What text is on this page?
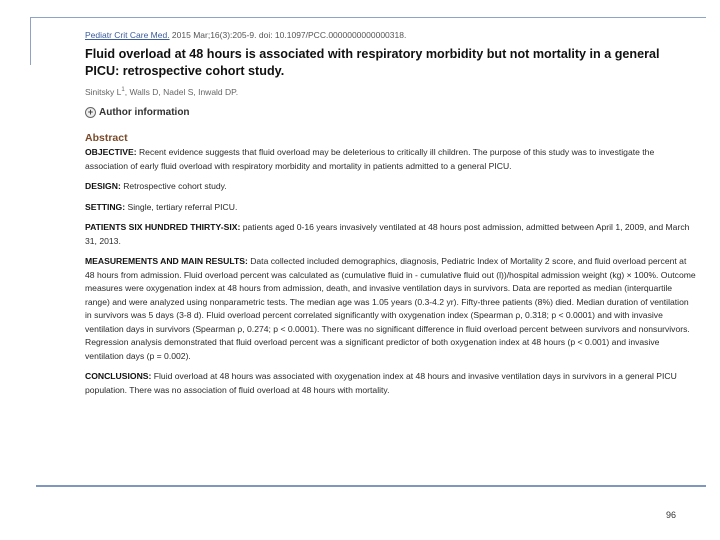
Pediatr Crit Care Med. 2015 Mar;16(3):205-9. doi: 10.1097/PCC.0000000000000318.

Fluid overload at 48 hours is associated with respiratory morbidity but not mortality in a general PICU: retrospective cohort study.

Sinitsky $L^1$, Walls D, Nadel S, Inwald DP.

+ Author information
Abstract

OBJECTIVE: Recent evidence suggests that fluid overload may be deleterious to critically ill children. The purpose of this study was to investigate the association of early fluid overload with respiratory morbidity and mortality in patients admitted to a general PICU.

DESIGN: Retrospective cohort study.

SETTING: Single, tertiary referral PICU.

PATIENTS SIX HUNDRED THIRTY-SIX: patients aged 0-16 years invasively ventilated at 48 hours post admission, admitted between April 1, 2009, and March 31, 2013.

MEASUREMENTS AND MAIN RESULTS: Data collected included demographics, diagnosis, Pediatric Index of Mortality 2 score, and fluid overload percent at 48 hours from admission. Fluid overload percent was calculated as (cumulative fluid in - cumulative fluid out (l))/hospital admission weight (kg) × 100%. Outcome measures were oxygenation index at 48 hours from admission, death, and invasive ventilation days in survivors. Data are reported as median (interquartile range) and were analyzed using nonparametric tests. The median age was 1.05 years (0.3-4.2 yr). Fifty-three patients (8%) died. Median duration of ventilation in survivors was 5 days (3-8 d). Fluid overload percent correlated significantly with oxygenation index (Spearman ρ, 0.318; p < 0.0001) and with invasive ventilation days in survivors (Spearman ρ, 0.274; p < 0.0001). There was no significant difference in fluid overload percent between survivors and nonsurvivors. Regression analysis demonstrated that fluid overload percent was a significant predictor of both oxygenation index at 48 hours (p < 0.001) and invasive ventilation days (p = 0.002).

CONCLUSIONS: Fluid overload at 48 hours was associated with oxygenation index at 48 hours and invasive ventilation days in survivors in a general PICU population. There was no association of fluid overload at 48 hours with mortality.

96
